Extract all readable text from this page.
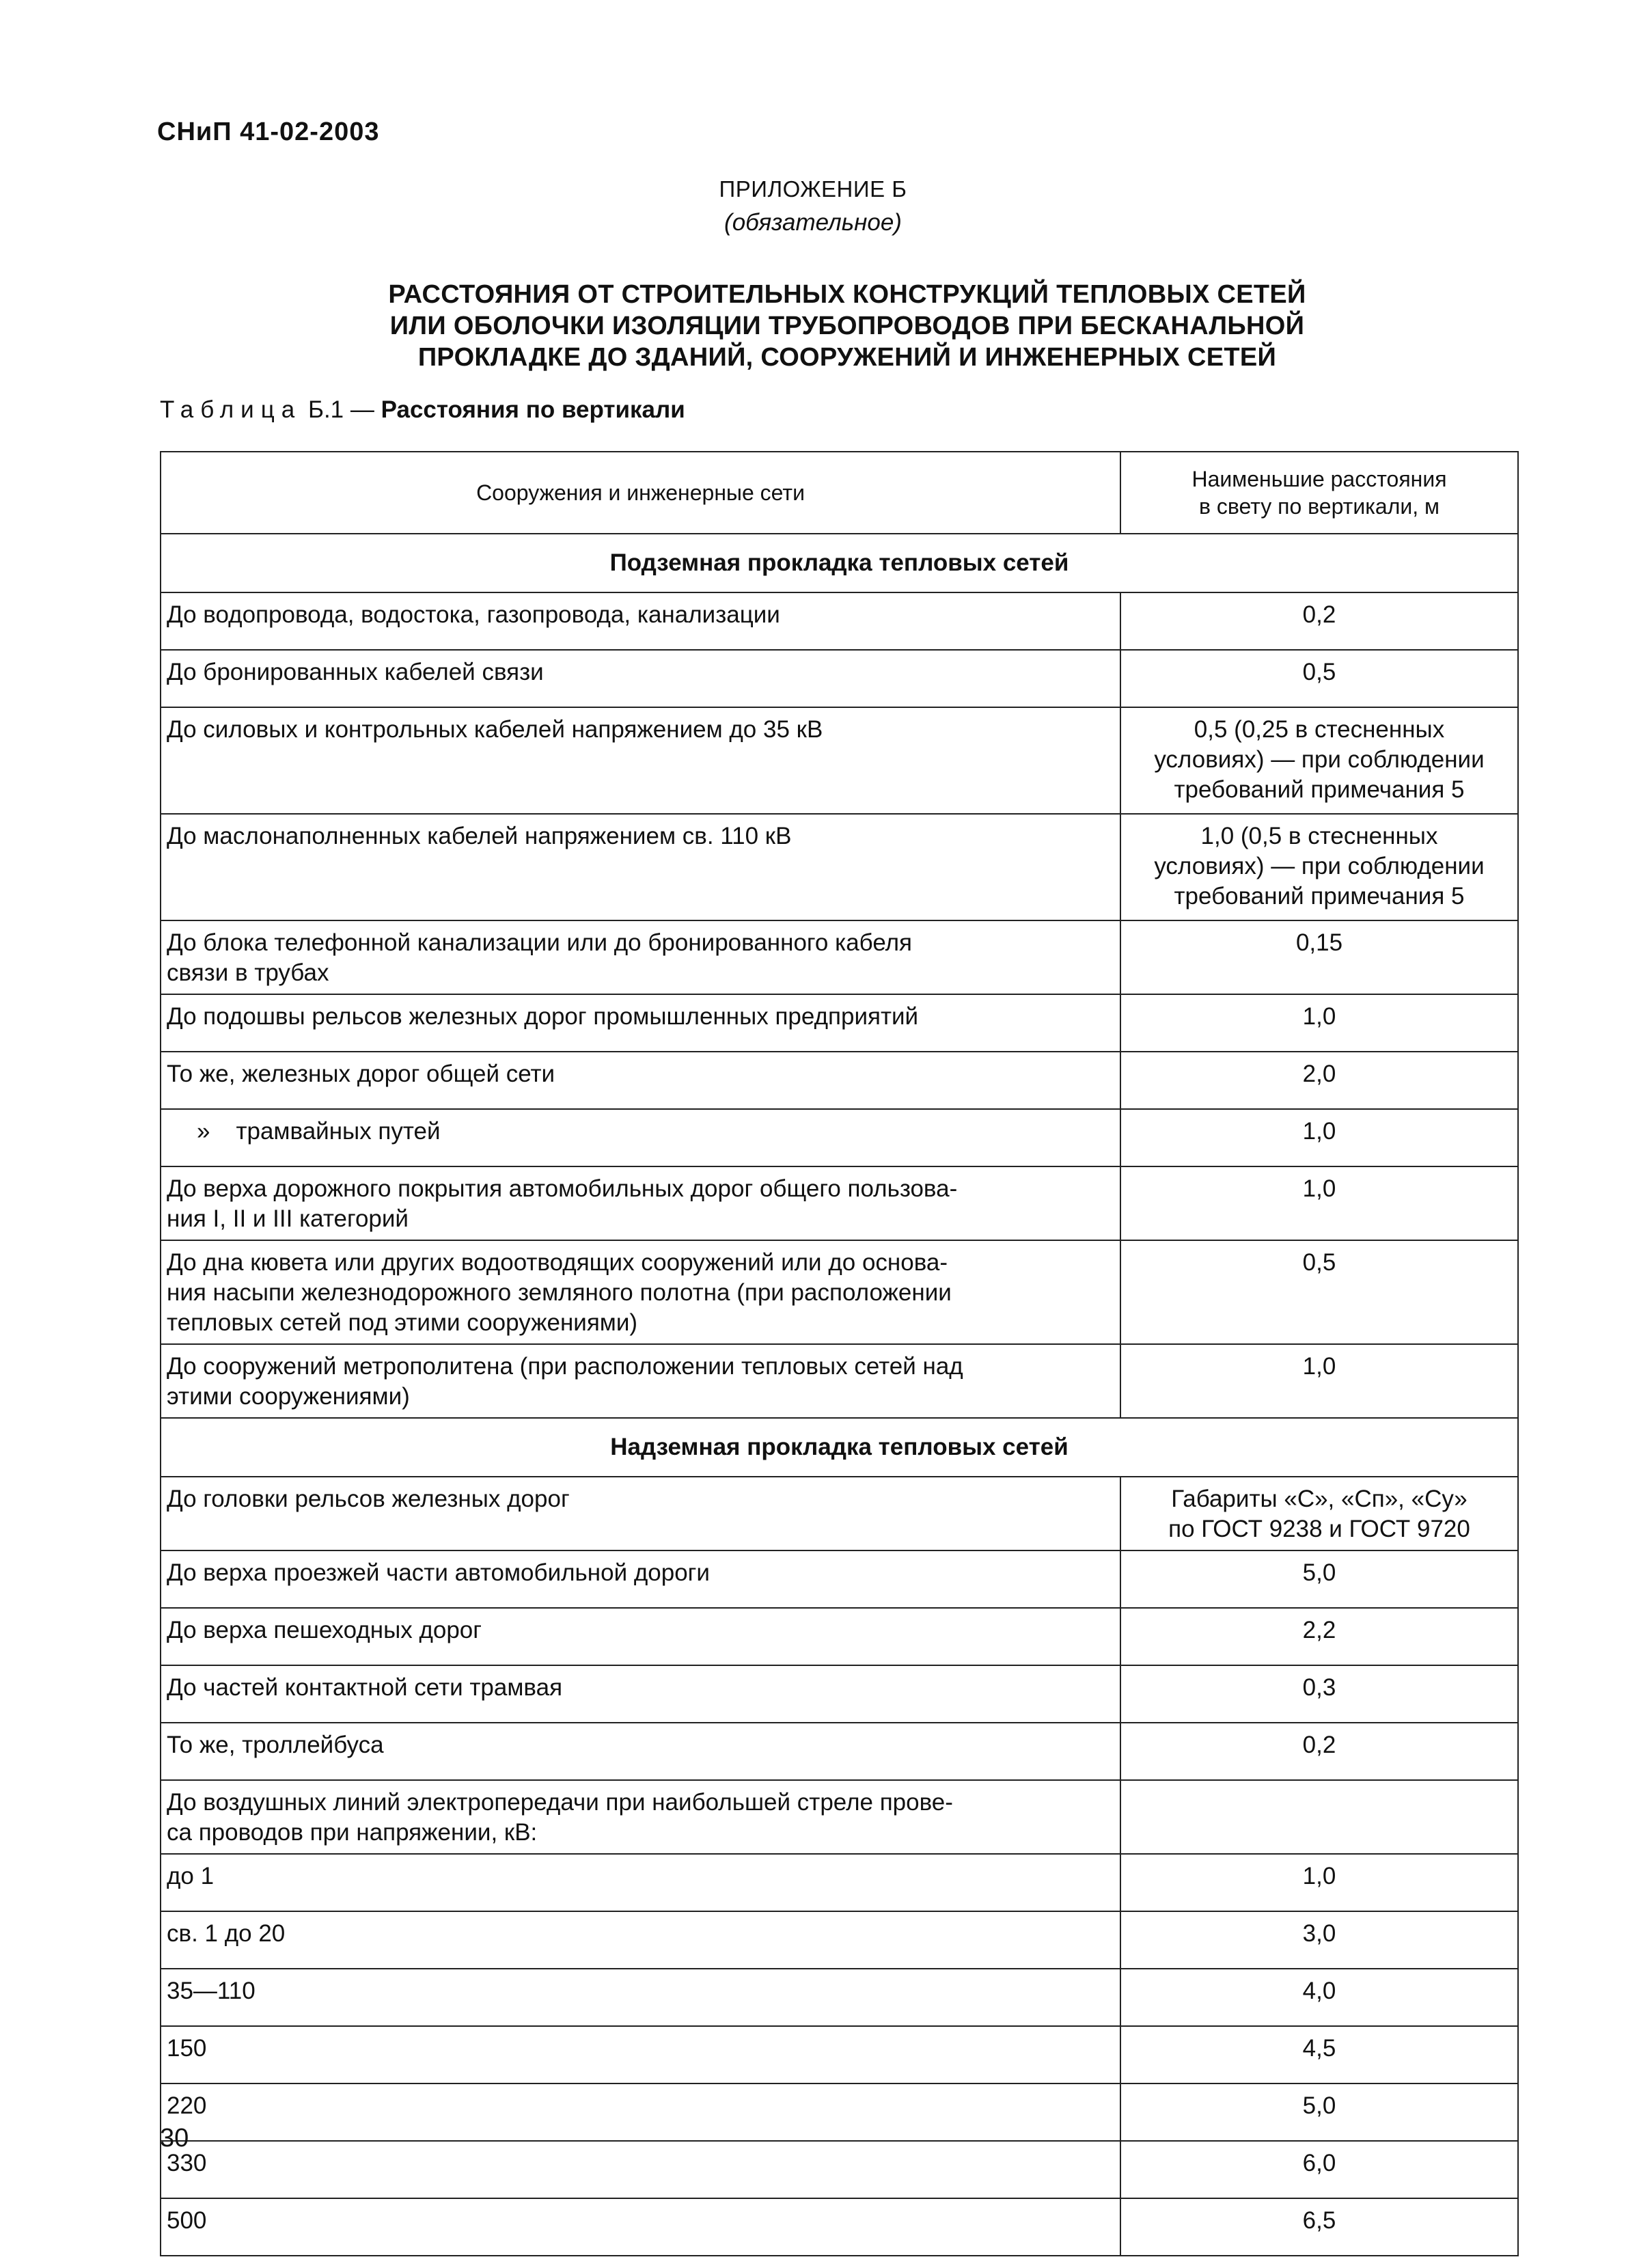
СНиП 41-02-2003
ПРИЛОЖЕНИЕ Б
(обязательное)
РАССТОЯНИЯ ОТ СТРОИТЕЛЬНЫХ КОНСТРУКЦИЙ ТЕПЛОВЫХ СЕТЕЙ
ИЛИ ОБОЛОЧКИ ИЗОЛЯЦИИ ТРУБОПРОВОДОВ ПРИ БЕСКАНАЛЬНОЙ
ПРОКЛАДКЕ ДО ЗДАНИЙ, СООРУЖЕНИЙ И ИНЖЕНЕРНЫХ СЕТЕЙ
Таблица Б.1 — Расстояния по вертикали
Сооружения и инженерные сети	Наименьшие расстояния
в свету по вертикали, м

Подземная прокладка тепловых сетей	
До водопровода, водостока, газопровода, канализации	0,2
До бронированных кабелей связи	0,5
До силовых и контрольных кабелей напряжением до 35 кВ	0,5 (0,25 в стесненных
условиях) — при соблюдении
требований примечания 5

До маслонаполненных кабелей напряжением св. 110 кВ	1,0 (0,5 в стесненных
условиях) — при соблюдении
требований примечания 5

До блока телефонной канализации или до бронированного кабеля
связи в трубах	0,15
До подошвы рельсов железных дорог промышленных предприятий	1,0
То же, железных дорог общей сети	2,0
» трамвайных путей	1,0

До верха дорожного покрытия автомобильных дорог общего пользова-
ния I, II и III категорий	1,0

До дна кювета или других водоотводящих сооружений или до основа-
ния насыпи железнодорожного земляного полотна (при расположении
тепловых сетей под этими сооружениями)	0,5

До сооружений метрополитена (при расположении тепловых сетей над
этими сооружениями)	1,0
Надземная прокладка тепловых сетей	
До головки рельсов железных дорог	Габариты «С», «Сп», «Су»
по ГОСТ 9238 и ГОСТ 9720

До верха проезжей части автомобильной дороги	5,0
До верха пешеходных дорог	2,2
До частей контактной сети трамвая	0,3
То же, троллейбуса	0,2

До воздушных линий электропередачи при наибольшей стреле прове-
са проводов при напряжении, кВ:	

до 1	1,0
св. 1 до 20	3,0
35—110	4,0
150	4,5
220	5,0
330	6,0
500	6,5
30
